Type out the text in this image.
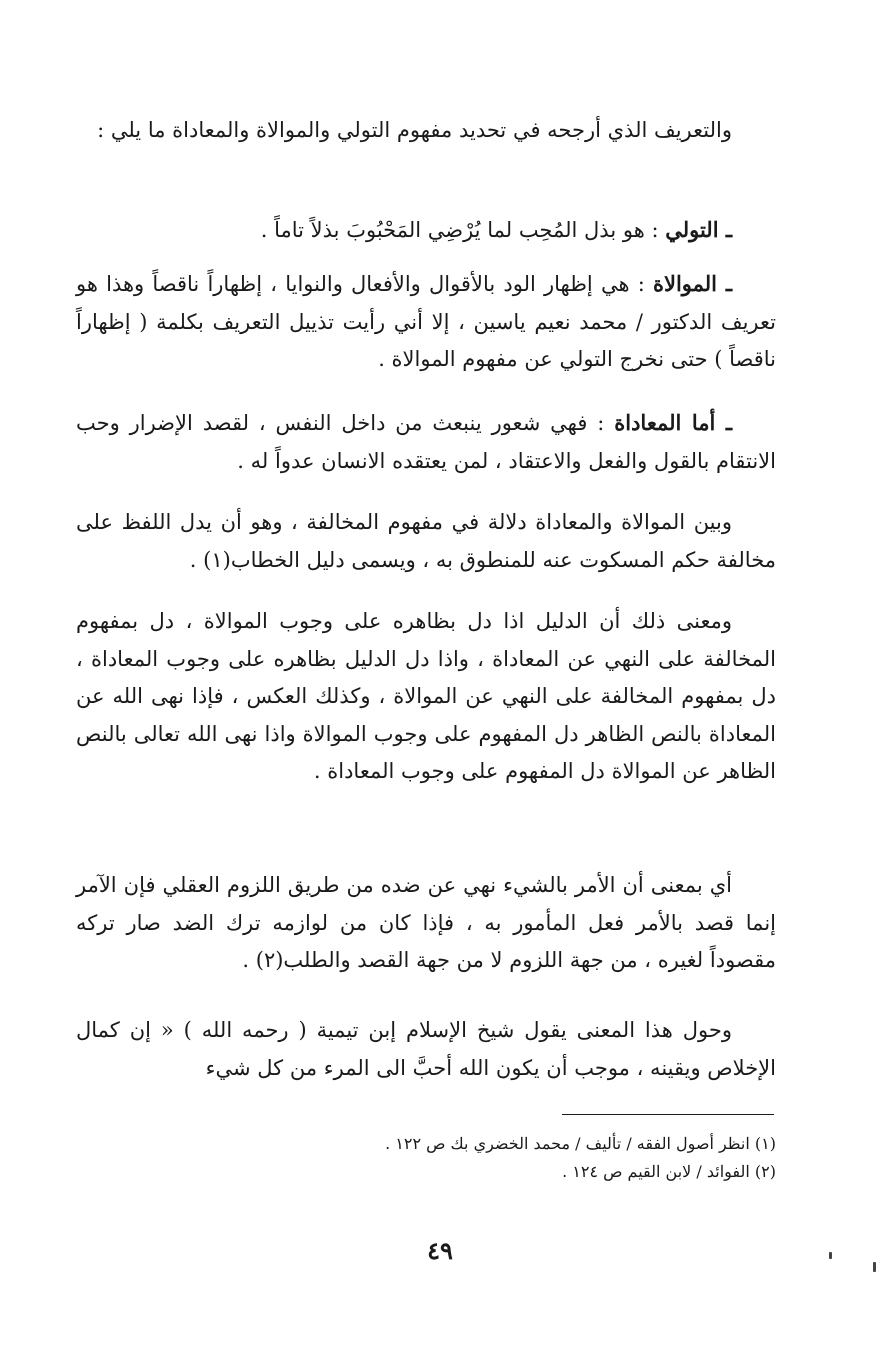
والتعريف الذي أرجحه في تحديد مفهوم التولي والموالاة والمعاداة ما يلي :

ـ التولي : هو بذل المُحِب لما يُرْضِي المَحْبُوبَ بذلاً تاماً .

ـ الموالاة : هي إظهار الود بالأقوال والأفعال والنوايا ، إظهاراً ناقصاً وهذا هو تعريف الدكتور / محمد نعيم ياسين ، إلا أني رأيت تذييل التعريف بكلمة ( إظهاراً ناقصاً ) حتى نخرج التولي عن مفهوم الموالاة .

ـ أما المعاداة : فهي شعور ينبعث من داخل النفس ، لقصد الإضرار وحب الانتقام بالقول والفعل والاعتقاد ، لمن يعتقده الانسان عدواً له .

وبين الموالاة والمعاداة دلالة في مفهوم المخالفة ، وهو أن يدل اللفظ على مخالفة حكم المسكوت عنه للمنطوق به ، ويسمى دليل الخطاب(١) .

ومعنى ذلك أن الدليل اذا دل بظاهره على وجوب الموالاة ، دل بمفهوم المخالفة على النهي عن المعاداة ، واذا دل الدليل بظاهره على وجوب المعاداة ، دل بمفهوم المخالفة على النهي عن الموالاة ، وكذلك العكس ، فإذا نهى الله عن المعاداة بالنص الظاهر دل المفهوم على وجوب الموالاة واذا نهى الله تعالى بالنص الظاهر عن الموالاة دل المفهوم على وجوب المعاداة .

أي بمعنى أن الأمر بالشيء نهي عن ضده من طريق اللزوم العقلي فإن الآمر إنما قصد بالأمر فعل المأمور به ، فإذا كان من لوازمه ترك الضد صار تركه مقصوداً لغيره ، من جهة اللزوم لا من جهة القصد والطلب(٢) .

وحول هذا المعنى يقول شيخ الإسلام إبن تيمية ( رحمه الله ) « إن كمال الإخلاص ويقينه ، موجب أن يكون الله أحبَّ الى المرء من كل شيء

(١) انظر أصول الفقه / تأليف / محمد الخضري بك ص ١٢٢ .

(٢) الفوائد / لابن القيم ص ١٢٤ .

٤٩
